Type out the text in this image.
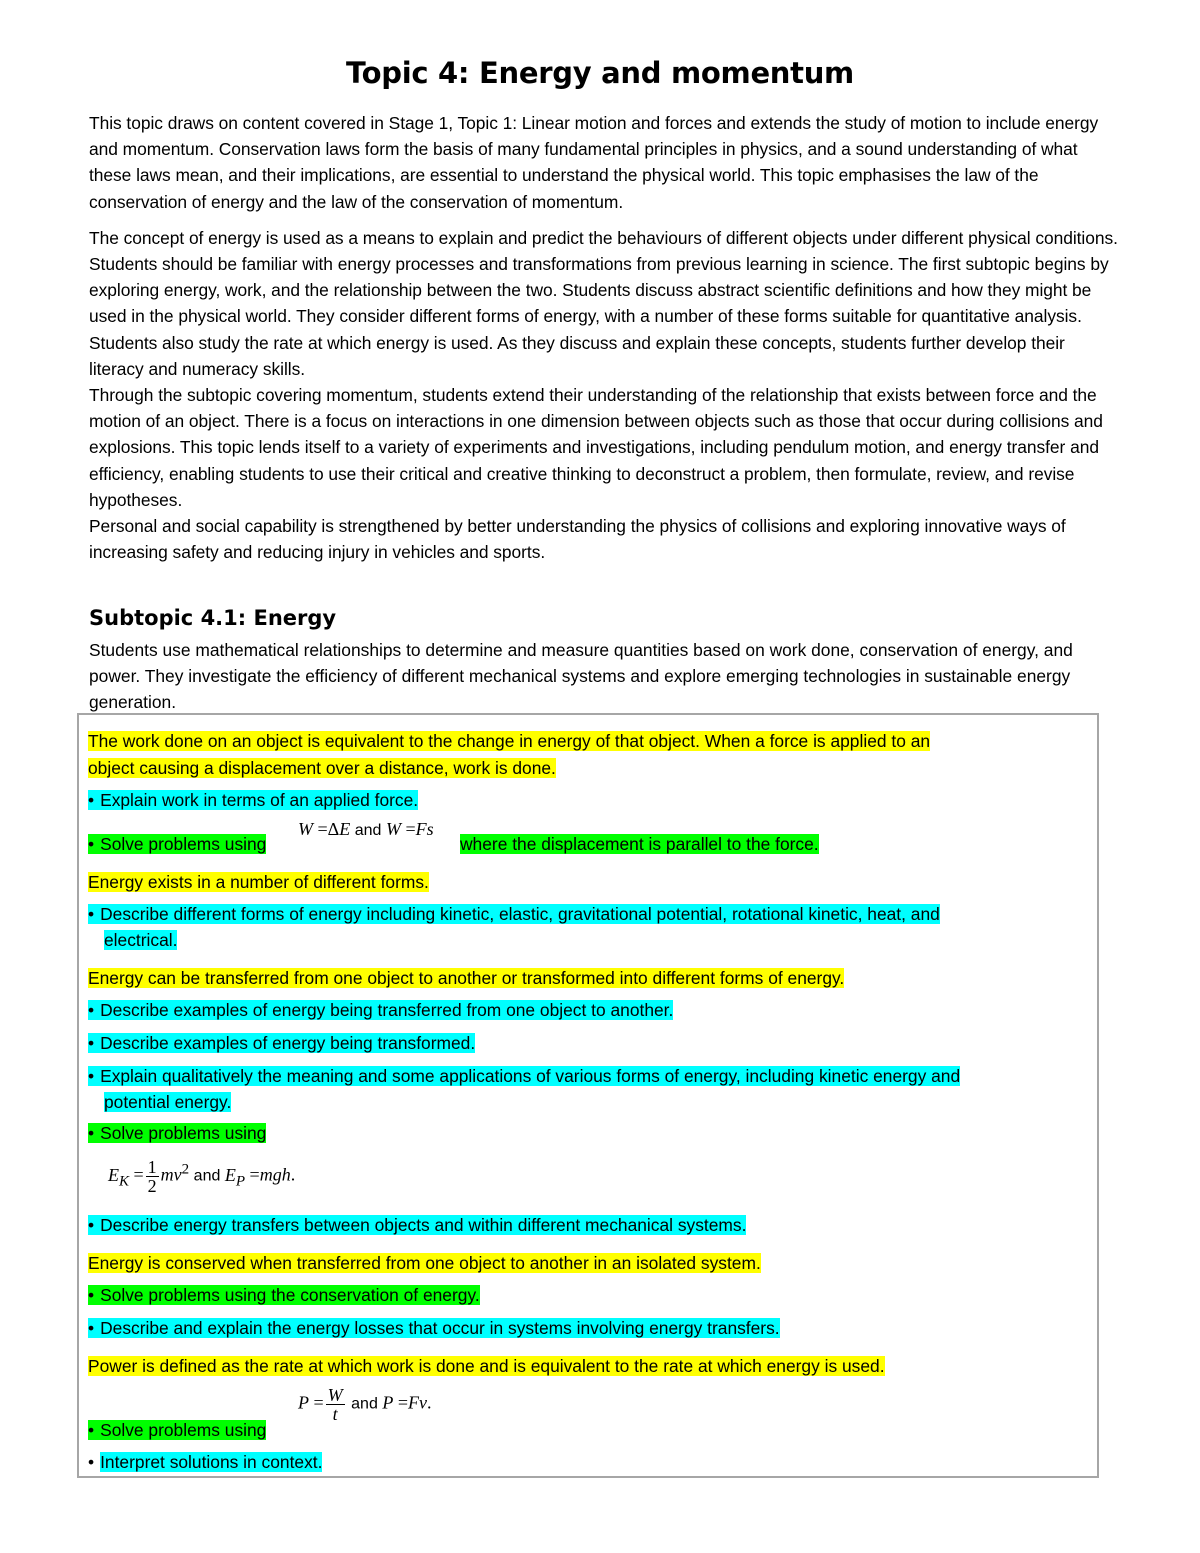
Topic 4: Energy and momentum

This topic draws on content covered in Stage 1, Topic 1: Linear motion and forces and extends the study of motion to include energy and momentum. Conservation laws form the basis of many fundamental principles in physics, and a sound understanding of what these laws mean, and their implications, are essential to understand the physical world. This topic emphasises the law of the conservation of energy and the law of the conservation of momentum.

The concept of energy is used as a means to explain and predict the behaviours of different objects under different physical conditions. Students should be familiar with energy processes and transformations from previous learning in science. The first subtopic begins by exploring energy, work, and the relationship between the two. Students discuss abstract scientific definitions and how they might be used in the physical world. They consider different forms of energy, with a number of these forms suitable for quantitative analysis. Students also study the rate at which energy is used. As they discuss and explain these concepts, students further develop their literacy and numeracy skills.

Through the subtopic covering momentum, students extend their understanding of the relationship that exists between force and the motion of an object. There is a focus on interactions in one dimension between objects such as those that occur during collisions and explosions. This topic lends itself to a variety of experiments and investigations, including pendulum motion, and energy transfer and efficiency, enabling students to use their critical and creative thinking to deconstruct a problem, then formulate, review, and revise hypotheses.

Personal and social capability is strengthened by better understanding the physics of collisions and exploring innovative ways of increasing safety and reducing injury in vehicles and sports.

Subtopic 4.1: Energy

Students use mathematical relationships to determine and measure quantities based on work done, conservation of energy, and power. They investigate the efficiency of different mechanical systems and explore emerging technologies in sustainable energy generation.

The work done on an object is equivalent to the change in energy of that object. When a force is applied to an
object causing a displacement over a distance, work is done.
• Explain work in terms of an applied force.
• Solve problems using
W =ΔE and W =Fs
where the displacement is parallel to the force.
Energy exists in a number of different forms.
• Describe different forms of energy including kinetic, elastic, gravitational potential, rotational kinetic, heat, and
electrical.
Energy can be transferred from one object to another or transformed into different forms of energy.
• Describe examples of energy being transferred from one object to another.
• Describe examples of energy being transformed.
• Explain qualitatively the meaning and some applications of various forms of energy, including kinetic energy and
potential energy.
• Solve problems using
$E_K = \frac{1}{2} mv^2$ and $E_P =mgh$.
• Describe energy transfers between objects and within different mechanical systems.
Energy is conserved when transferred from one object to another in an isolated system.
• Solve problems using the conservation of energy.
• Describe and explain the energy losses that occur in systems involving energy transfers.
Power is defined as the rate at which work is done and is equivalent to the rate at which energy is used.
$P = \frac{W}{t}$ and P =Fv.
• Solve problems using
• Interpret solutions in context.
